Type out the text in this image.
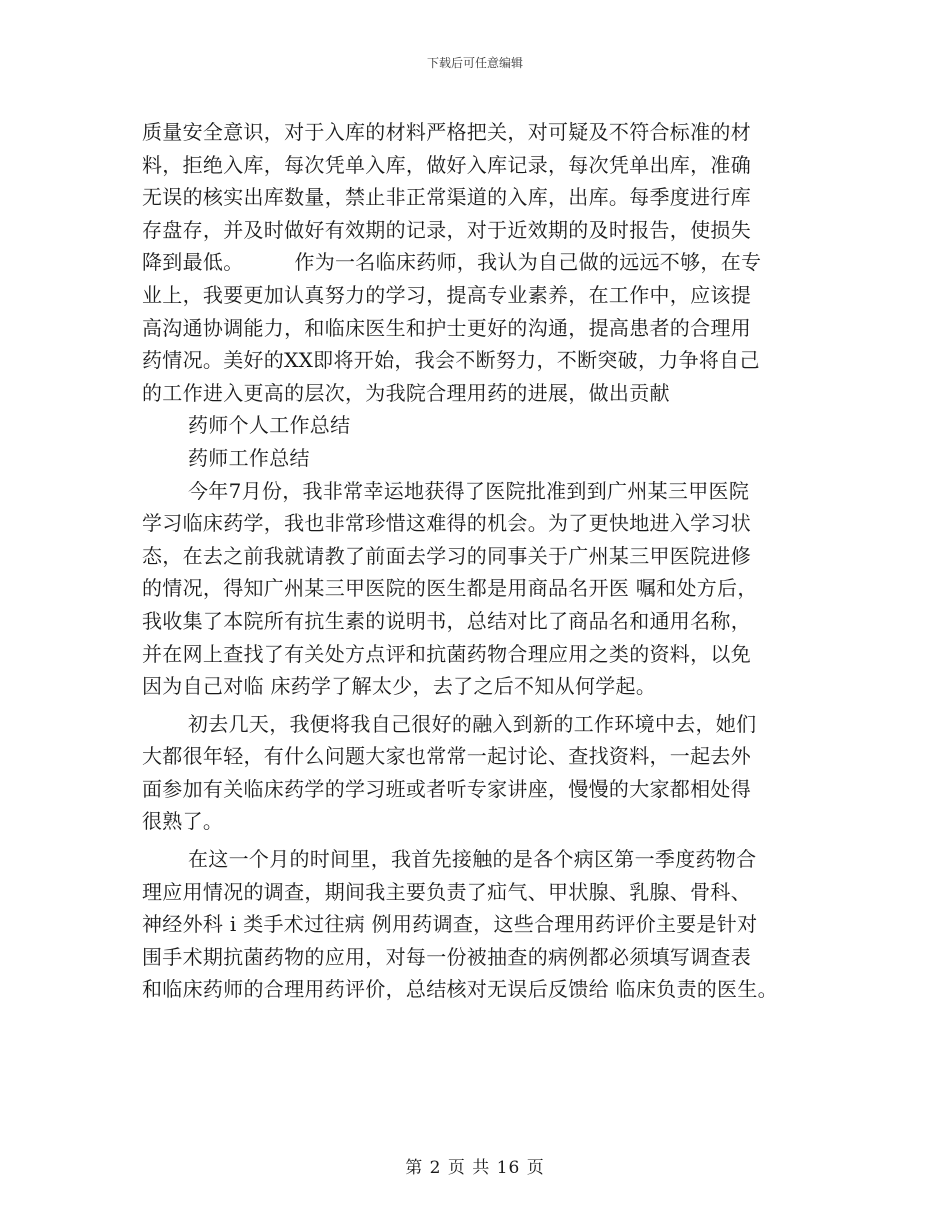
下载后可任意编辑
质量安全意识，对于入库的材料严格把关，对可疑及不符合标准的材
料，拒绝入库，每次凭单入库，做好入库记录，每次凭单出库，准确
无误的核实出库数量，禁止非正常渠道的入库，出库。每季度进行库
存盘存，并及时做好有效期的记录，对于近效期的及时报告，使损失
降到最低。　　　作为一名临床药师，我认为自己做的远远不够，在专
业上，我要更加认真努力的学习，提高专业素养，在工作中，应该提
高沟通协调能力，和临床医生和护士更好的沟通，提高患者的合理用
药情况。美好的XX即将开始，我会不断努力，不断突破，力争将自己
的工作进入更高的层次，为我院合理用药的进展，做出贡献
药师个人工作总结
药师工作总结
今年7月份，我非常幸运地获得了医院批准到到广州某三甲医院
学习临床药学，我也非常珍惜这难得的机会。为了更快地进入学习状
态，在去之前我就请教了前面去学习的同事关于广州某三甲医院进修
的情况，得知广州某三甲医院的医生都是用商品名开医 嘱和处方后，
我收集了本院所有抗生素的说明书，总结对比了商品名和通用名称，
并在网上查找了有关处方点评和抗菌药物合理应用之类的资料，以免
因为自己对临 床药学了解太少，去了之后不知从何学起。
初去几天，我便将我自己很好的融入到新的工作环境中去，她们
大都很年轻，有什么问题大家也常常一起讨论、查找资料，一起去外
面参加有关临床药学的学习班或者听专家讲座，慢慢的大家都相处得
很熟了。
在这一个月的时间里，我首先接触的是各个病区第一季度药物合
理应用情况的调查，期间我主要负责了疝气、甲状腺、乳腺、骨科、
神经外科 i 类手术过往病 例用药调查，这些合理用药评价主要是针对
围手术期抗菌药物的应用，对每一份被抽查的病例都必须填写调查表
和临床药师的合理用药评价，总结核对无误后反馈给 临床负责的医生。
第 2 页 共 16 页
